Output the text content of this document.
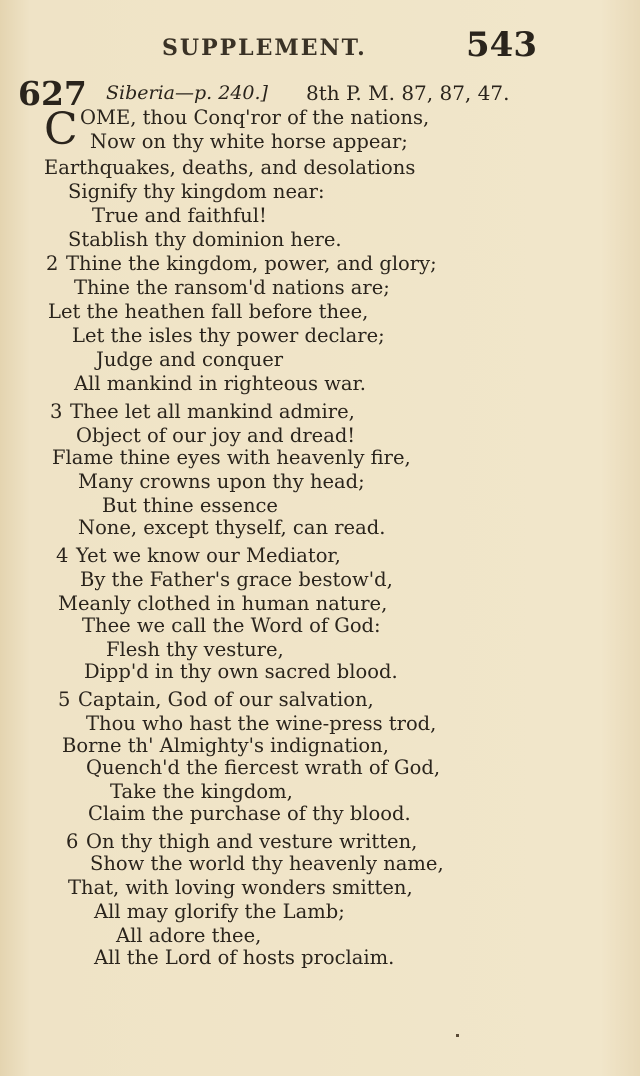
SUPPLEMENT.	543
627 Siberia—p. 240.] 8th P. M. 87, 87, 47.
C OME, thou Conq'ror of the nations,
Now on thy white horse appear;
Earthquakes, deaths, and desolations
Signify thy kingdom near:
True and faithful!
Stablish thy dominion here.
2 Thine the kingdom, power, and glory;
Thine the ransom'd nations are;
Let the heathen fall before thee,
Let the isles thy power declare;
Judge and conquer
All mankind in righteous war.
3 Thee let all mankind admire,
Object of our joy and dread!
Flame thine eyes with heavenly fire,
Many crowns upon thy head;
But thine essence
None, except thyself, can read.
4 Yet we know our Mediator,
By the Father's grace bestow'd,
Meanly clothed in human nature,
Thee we call the Word of God:
Flesh thy vesture,
Dipp'd in thy own sacred blood.
5 Captain, God of our salvation,
Thou who hast the wine-press trod,
Borne th' Almighty's indignation,
Quench'd the fiercest wrath of God,
Take the kingdom,
Claim the purchase of thy blood.
6 On thy thigh and vesture written,
Show the world thy heavenly name,
That, with loving wonders smitten,
All may glorify the Lamb;
All adore thee,
All the Lord of hosts proclaim.
